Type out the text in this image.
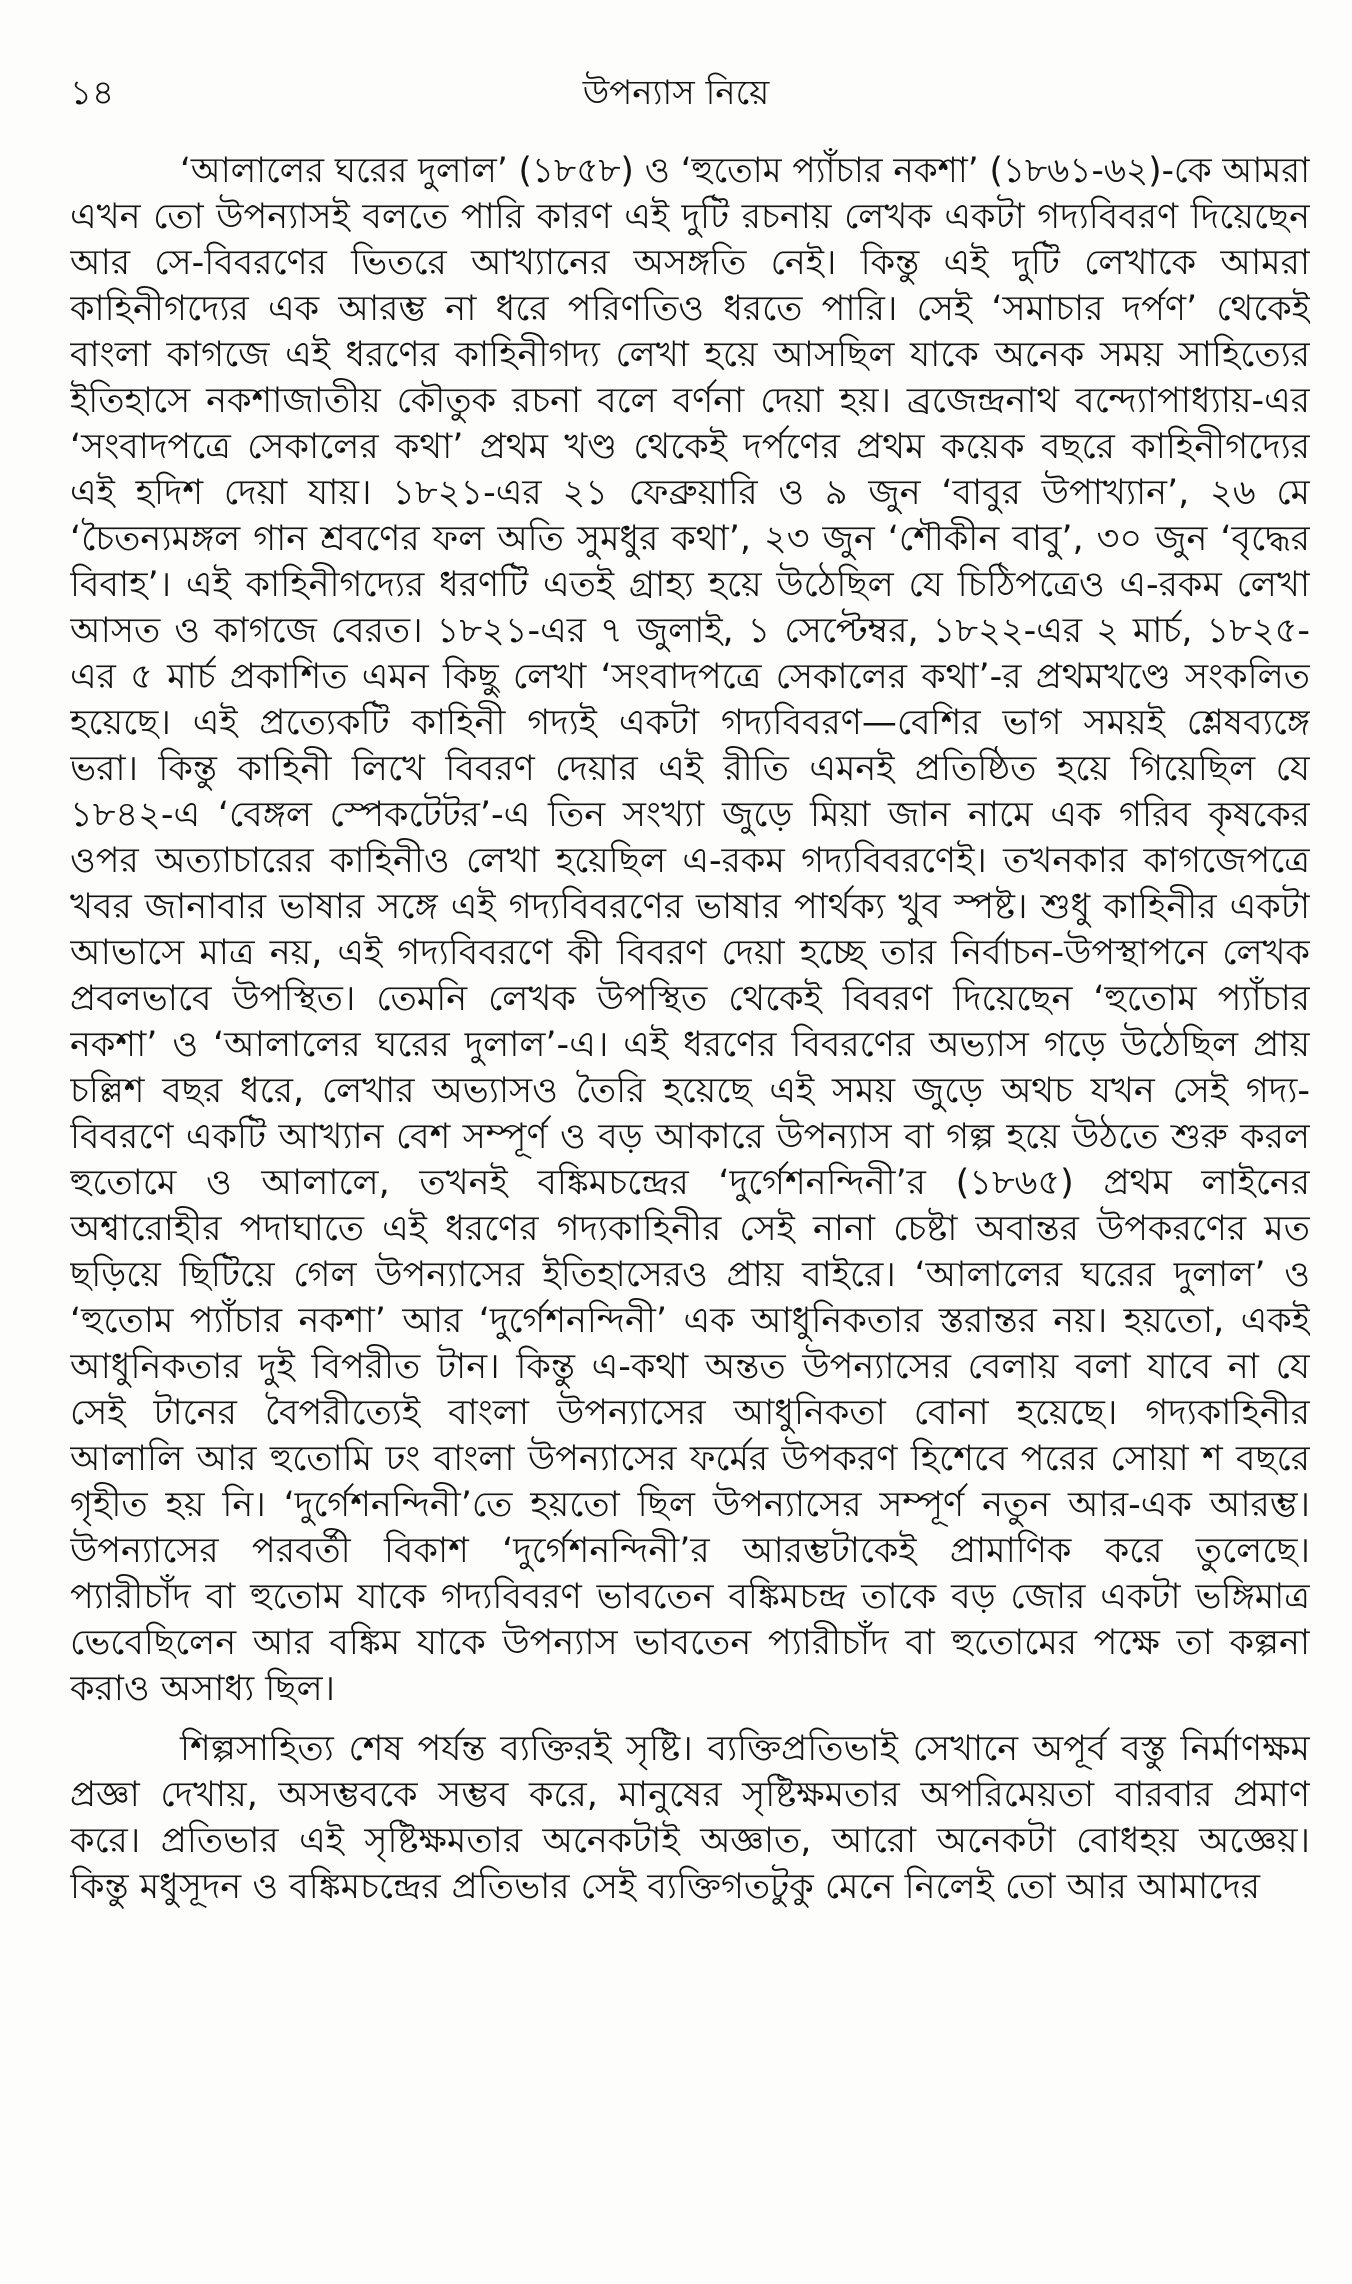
১৪	উপন্যাস নিয়ে
‘আলালের ঘরের দুলাল’ (১৮৫৮) ও ‘হুতোম প্যাঁচার নকশা’ (১৮৬১-৬২)-কে আমরা
এখন তো উপন্যাসই বলতে পারি কারণ এই দুটি রচনায় লেখক একটা গদ্যবিবরণ দিয়েছেন
আর সে-বিবরণের ভিতরে আখ্যানের অসঙ্গতি নেই। কিন্তু এই দুটি লেখাকে আমরা
কাহিনীগদ্যের এক আরম্ভ না ধরে পরিণতিও ধরতে পারি। সেই ‘সমাচার দর্পণ’ থেকেই
বাংলা কাগজে এই ধরণের কাহিনীগদ্য লেখা হয়ে আসছিল যাকে অনেক সময় সাহিত্যের
ইতিহাসে নকশাজাতীয় কৌতুক রচনা বলে বর্ণনা দেয়া হয়। ব্রজেন্দ্রনাথ বন্দ্যোপাধ্যায়-এর
‘সংবাদপত্রে সেকালের কথা’ প্রথম খণ্ড থেকেই দর্পণের প্রথম কয়েক বছরে কাহিনীগদ্যের
এই হদিশ দেয়া যায়। ১৮২১-এর ২১ ফেব্রুয়ারি ও ৯ জুন ‘বাবুর উপাখ্যান’, ২৬ মে
‘চৈতন্যমঙ্গল গান শ্রবণের ফল অতি সুমধুর কথা’, ২৩ জুন ‘শৌকীন বাবু’, ৩০ জুন ‘বৃদ্ধের
বিবাহ’। এই কাহিনীগদ্যের ধরণটি এতই গ্রাহ্য হয়ে উঠেছিল যে চিঠিপত্রেও এ-রকম লেখা
আসত ও কাগজে বেরত। ১৮২১-এর ৭ জুলাই, ১ সেপ্টেম্বর, ১৮২২-এর ২ মার্চ, ১৮২৫-
এর ৫ মার্চ প্রকাশিত এমন কিছু লেখা ‘সংবাদপত্রে সেকালের কথা’-র প্রথমখণ্ডে সংকলিত
হয়েছে। এই প্রত্যেকটি কাহিনী গদ্যই একটা গদ্যবিবরণ—বেশির ভাগ সময়ই শ্লেষব্যঙ্গে
ভরা। কিন্তু কাহিনী লিখে বিবরণ দেয়ার এই রীতি এমনই প্রতিষ্ঠিত হয়ে গিয়েছিল যে
১৮৪২-এ ‘বেঙ্গল স্পেকটেটর’-এ তিন সংখ্যা জুড়ে মিয়া জান নামে এক গরিব কৃষকের
ওপর অত্যাচারের কাহিনীও লেখা হয়েছিল এ-রকম গদ্যবিবরণেই। তখনকার কাগজেপত্রে
খবর জানাবার ভাষার সঙ্গে এই গদ্যবিবরণের ভাষার পার্থক্য খুব স্পষ্ট। শুধু কাহিনীর একটা
আভাসে মাত্র নয়, এই গদ্যবিবরণে কী বিবরণ দেয়া হচ্ছে তার নির্বাচন-উপস্থাপনে লেখক
প্রবলভাবে উপস্থিত। তেমনি লেখক উপস্থিত থেকেই বিবরণ দিয়েছেন ‘হুতোম প্যাঁচার
নকশা’ ও ‘আলালের ঘরের দুলাল’-এ। এই ধরণের বিবরণের অভ্যাস গড়ে উঠেছিল প্রায়
চল্লিশ বছর ধরে, লেখার অভ্যাসও তৈরি হয়েছে এই সময় জুড়ে অথচ যখন সেই গদ্য-
বিবরণে একটি আখ্যান বেশ সম্পূর্ণ ও বড় আকারে উপন্যাস বা গল্প হয়ে উঠতে শুরু করল
হুতোমে ও আলালে, তখনই বঙ্কিমচন্দ্রের ‘দুর্গেশনন্দিনী’র (১৮৬৫) প্রথম লাইনের
অশ্বারোহীর পদাঘাতে এই ধরণের গদ্যকাহিনীর সেই নানা চেষ্টা অবান্তর উপকরণের মত
ছড়িয়ে ছিটিয়ে গেল উপন্যাসের ইতিহাসেরও প্রায় বাইরে। ‘আলালের ঘরের দুলাল’ ও
‘হুতোম প্যাঁচার নকশা’ আর ‘দুর্গেশনন্দিনী’ এক আধুনিকতার স্তরান্তর নয়। হয়তো, একই
আধুনিকতার দুই বিপরীত টান। কিন্তু এ-কথা অন্তত উপন্যাসের বেলায় বলা যাবে না যে
সেই টানের বৈপরীত্যেই বাংলা উপন্যাসের আধুনিকতা বোনা হয়েছে। গদ্যকাহিনীর
আলালি আর হুতোমি ঢং বাংলা উপন্যাসের ফর্মের উপকরণ হিশেবে পরের সোয়া শ বছরে
গৃহীত হয় নি। ‘দুর্গেশনন্দিনী’তে হয়তো ছিল উপন্যাসের সম্পূর্ণ নতুন আর-এক আরম্ভ।
উপন্যাসের পরবর্তী বিকাশ ‘দুর্গেশনন্দিনী’র আরম্ভটাকেই প্রামাণিক করে তুলেছে।
প্যারীচাঁদ বা হুতোম যাকে গদ্যবিবরণ ভাবতেন বঙ্কিমচন্দ্র তাকে বড় জোর একটা ভঙ্গিমাত্র
ভেবেছিলেন আর বঙ্কিম যাকে উপন্যাস ভাবতেন প্যারীচাঁদ বা হুতোমের পক্ষে তা কল্পনা
করাও অসাধ্য ছিল।
শিল্পসাহিত্য শেষ পর্যন্ত ব্যক্তিরই সৃষ্টি। ব্যক্তিপ্রতিভাই সেখানে অপূর্ব বস্তু নির্মাণক্ষম
প্রজ্ঞা দেখায়, অসম্ভবকে সম্ভব করে, মানুষের সৃষ্টিক্ষমতার অপরিমেয়তা বারবার প্রমাণ
করে। প্রতিভার এই সৃষ্টিক্ষমতার অনেকটাই অজ্ঞাত, আরো অনেকটা বোধহয় অজ্ঞেয়।
কিন্তু মধুসূদন ও বঙ্কিমচন্দ্রের প্রতিভার সেই ব্যক্তিগতটুকু মেনে নিলেই তো আর আমাদের
